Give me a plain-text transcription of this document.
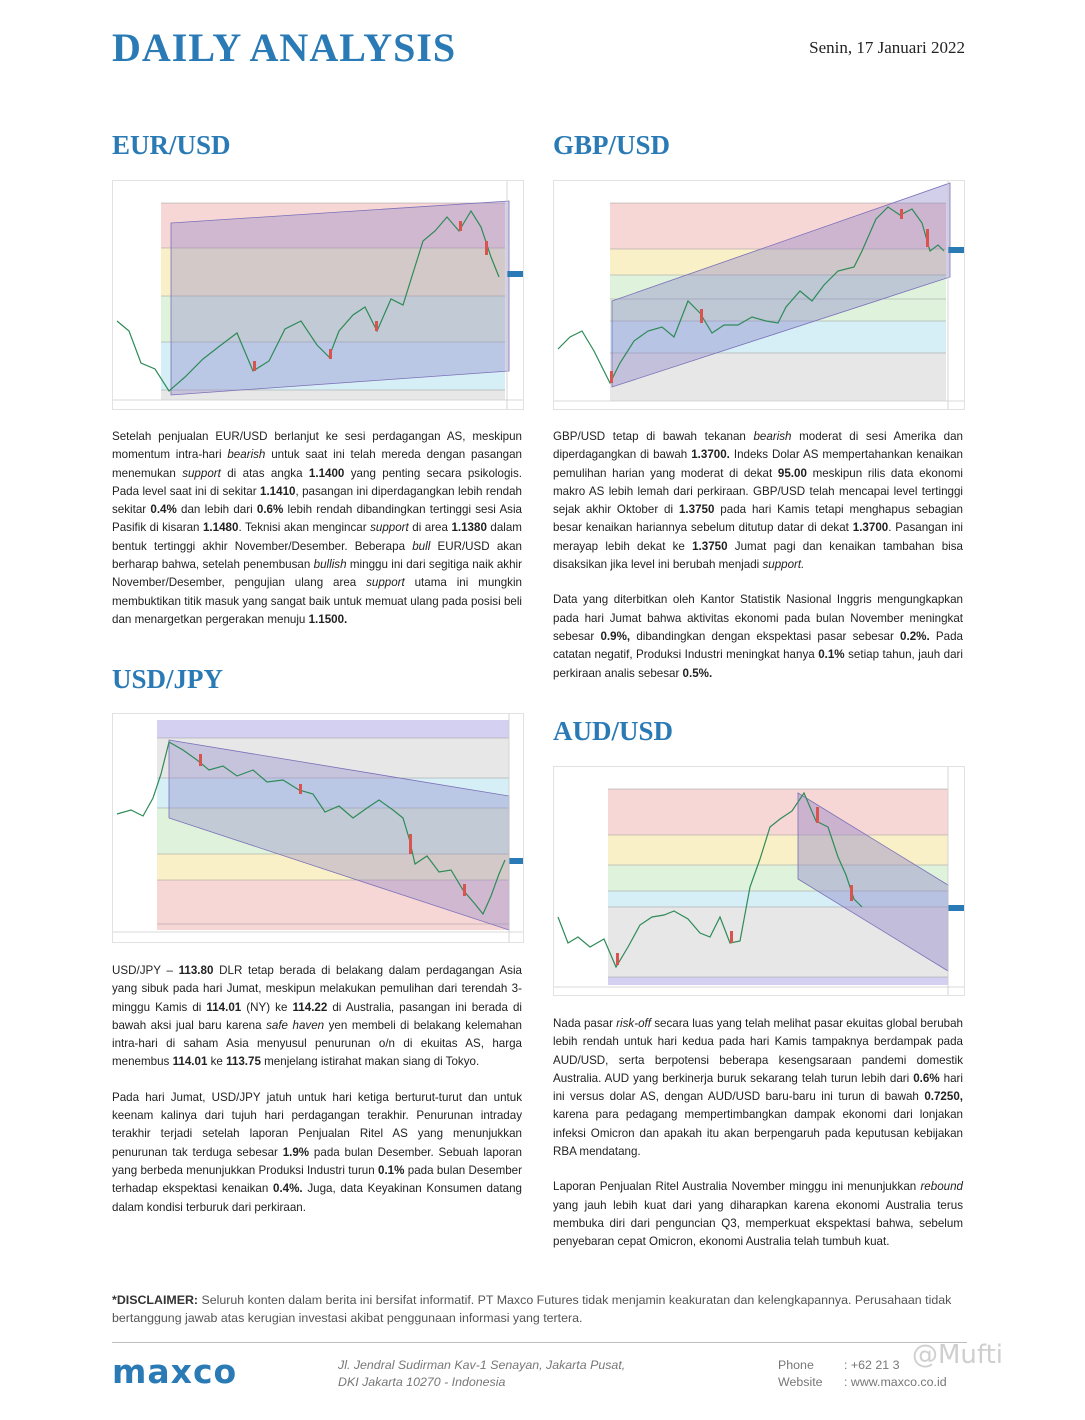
DAILY ANALYSIS	Senin, 17 Januari 2022
EUR/USD

Setelah penjualan EUR/USD berlanjut ke sesi perdagangan AS, meskipun momentum intra-hari bearish untuk saat ini telah mereda dengan pasangan menemukan support di atas angka 1.1400 yang penting secara psikologis. Pada level saat ini di sekitar 1.1410, pasangan ini diperdagangkan lebih rendah sekitar 0.4% dan lebih dari 0.6% lebih rendah dibandingkan tertinggi sesi Asia Pasifik di kisaran 1.1480. Teknisi akan mengincar support di area 1.1380 dalam bentuk tertinggi akhir November/Desember. Beberapa bull EUR/USD akan berharap bahwa, setelah penembusan bullish minggu ini dari segitiga naik akhir November/Desember, pengujian ulang area support utama ini mungkin membuktikan titik masuk yang sangat baik untuk memuat ulang pada posisi beli dan menargetkan pergerakan menuju 1.1500.

USD/JPY

USD/JPY – 113.80 DLR tetap berada di belakang dalam perdagangan Asia yang sibuk pada hari Jumat, meskipun melakukan pemulihan dari terendah 3-minggu Kamis di 114.01 (NY) ke 114.22 di Australia, pasangan ini berada di bawah aksi jual baru karena safe haven yen membeli di belakang kelemahan intra-hari di saham Asia menyusul penurunan o/n di ekuitas AS, harga menembus 114.01 ke 113.75 menjelang istirahat makan siang di Tokyo.

Pada hari Jumat, USD/JPY jatuh untuk hari ketiga berturut-turut dan untuk keenam kalinya dari tujuh hari perdagangan terakhir. Penurunan intraday terakhir terjadi setelah laporan Penjualan Ritel AS yang menunjukkan penurunan tak terduga sebesar 1.9% pada bulan Desember. Sebuah laporan yang berbeda menunjukkan Produksi Industri turun 0.1% pada bulan Desember terhadap ekspektasi kenaikan 0.4%. Juga, data Keyakinan Konsumen datang dalam kondisi terburuk dari perkiraan.

GBP/USD

GBP/USD tetap di bawah tekanan bearish moderat di sesi Amerika dan diperdagangkan di bawah 1.3700. Indeks Dolar AS mempertahankan kenaikan pemulihan harian yang moderat di dekat 95.00 meskipun rilis data ekonomi makro AS lebih lemah dari perkiraan. GBP/USD telah mencapai level tertinggi sejak akhir Oktober di 1.3750 pada hari Kamis tetapi menghapus sebagian besar kenaikan hariannya sebelum ditutup datar di dekat 1.3700. Pasangan ini merayap lebih dekat ke 1.3750 Jumat pagi dan kenaikan tambahan bisa disaksikan jika level ini berubah menjadi support.

Data yang diterbitkan oleh Kantor Statistik Nasional Inggris mengungkapkan pada hari Jumat bahwa aktivitas ekonomi pada bulan November meningkat sebesar 0.9%, dibandingkan dengan ekspektasi pasar sebesar 0.2%. Pada catatan negatif, Produksi Industri meningkat hanya 0.1% setiap tahun, jauh dari perkiraan analis sebesar 0.5%.

AUD/USD

Nada pasar risk-off secara luas yang telah melihat pasar ekuitas global berubah lebih rendah untuk hari kedua pada hari Kamis tampaknya berdampak pada AUD/USD, serta berpotensi beberapa kesengsaraan pandemi domestik Australia. AUD yang berkinerja buruk sekarang telah turun lebih dari 0.6% hari ini versus dolar AS, dengan AUD/USD baru-baru ini turun di bawah 0.7250, karena para pedagang mempertimbangkan dampak ekonomi dari lonjakan infeksi Omicron dan apakah itu akan berpengaruh pada keputusan kebijakan RBA mendatang.

Laporan Penjualan Ritel Australia November minggu ini menunjukkan rebound yang jauh lebih kuat dari yang diharapkan karena ekonomi Australia terus membuka diri dari penguncian Q3, memperkuat ekspektasi bahwa, sebelum penyebaran cepat Omicron, ekonomi Australia telah tumbuh kuat.

*DISCLAIMER: Seluruh konten dalam berita ini bersifat informatif. PT Maxco Futures tidak menjamin keakuratan dan kelengkapannya. Perusahaan tidak bertanggung jawab atas kerugian investasi akibat penggunaan informasi yang tertera.
maxco	Jl. Jendral Sudirman Kav-1 Senayan, Jakarta Pusat,
DKI Jakarta 10270 - Indonesia
Phone : +62 21 3
Website : www.maxco.co.id
@Mufti
